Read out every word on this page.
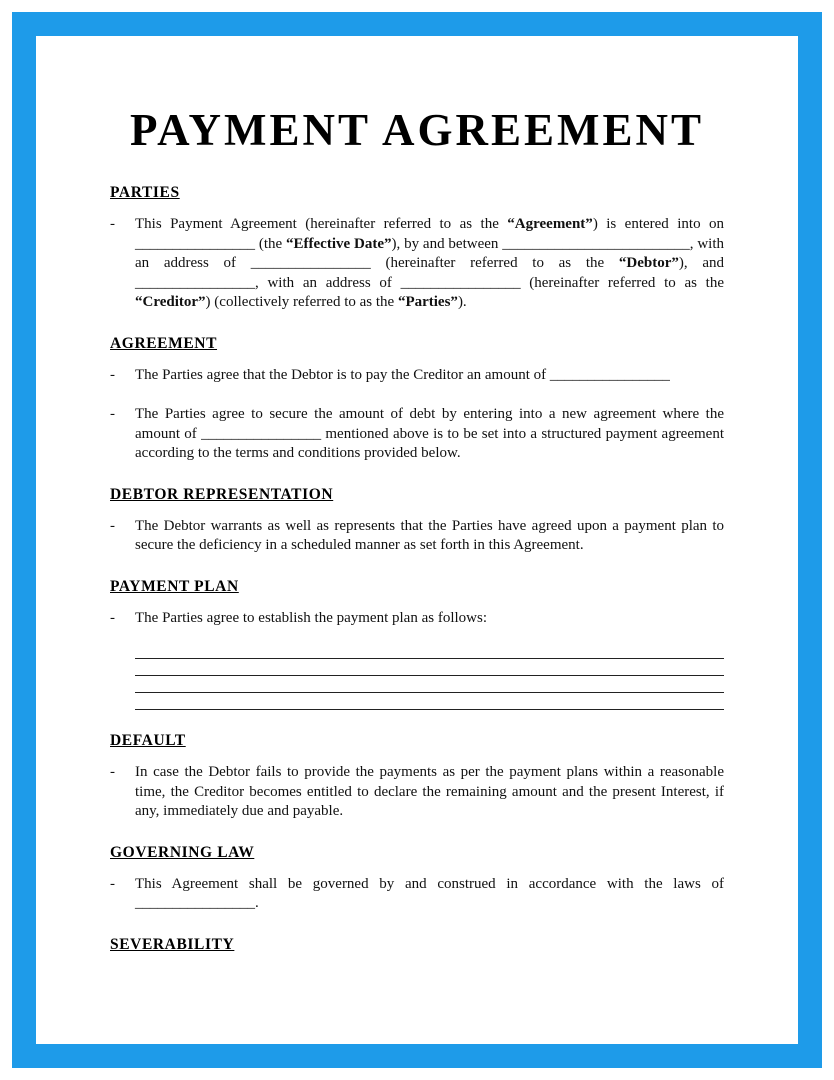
PAYMENT AGREEMENT
PARTIES
-	This Payment Agreement (hereinafter referred to as the “Agreement”) is entered into on ________________ (the “Effective Date”), by and between _________________________, with an address of ________________ (hereinafter referred to as the “Debtor”), and ________________, with an address of ________________ (hereinafter referred to as the “Creditor”) (collectively referred to as the “Parties”).
AGREEMENT
-	The Parties agree that the Debtor is to pay the Creditor an amount of ________________
-	The Parties agree to secure the amount of debt by entering into a new agreement where the amount of ________________ mentioned above is to be set into a structured payment agreement according to the terms and conditions provided below.
DEBTOR REPRESENTATION
-	The Debtor warrants as well as represents that the Parties have agreed upon a payment plan to secure the deficiency in a scheduled manner as set forth in this Agreement.
PAYMENT PLAN
-	The Parties agree to establish the payment plan as follows:
DEFAULT
-	In case the Debtor fails to provide the payments as per the payment plans within a reasonable time, the Creditor becomes entitled to declare the remaining amount and the present Interest, if any, immediately due and payable.
GOVERNING LAW
-	This Agreement shall be governed by and construed in accordance with the laws of ________________.
SEVERABILITY
